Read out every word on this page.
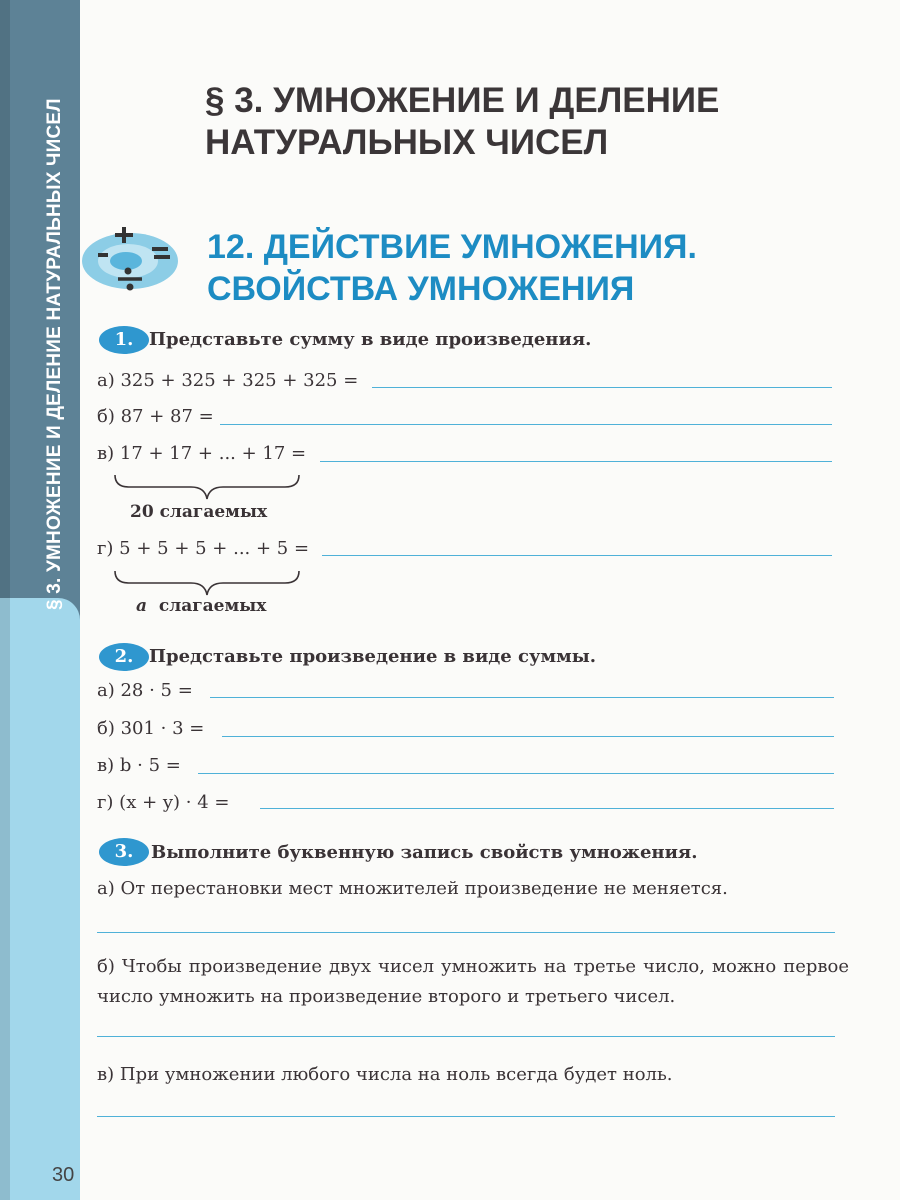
§ 3. УМНОЖЕНИЕ И ДЕЛЕНИЕ НАТУРАЛЬНЫХ ЧИСЕЛ
30
§ 3. УМНОЖЕНИЕ И ДЕЛЕНИЕ
НАТУРАЛЬНЫХ ЧИСЕЛ
12. ДЕЙСТВИЕ УМНОЖЕНИЯ.
СВОЙСТВА УМНОЖЕНИЯ
1. Представьте сумму в виде произведения.
а) 325 + 325 + 325 + 325 =
б) 87 + 87 =
в) 17 + 17 + ... + 17 =
20 слагаемых
г) 5 + 5 + 5 + ... + 5 =
a слагаемых
2. Представьте произведение в виде суммы.
а) 28 · 5 =
б) 301 · 3 =
в) b · 5 =
г) (x + y) · 4 =
3. Выполните буквенную запись свойств умножения.
а) От перестановки мест множителей произведение не меняется.
б) Чтобы произведение двух чисел умножить на третье число, можно первое число умножить на произведение второго и третьего чисел.
в) При умножении любого числа на ноль всегда будет ноль.
